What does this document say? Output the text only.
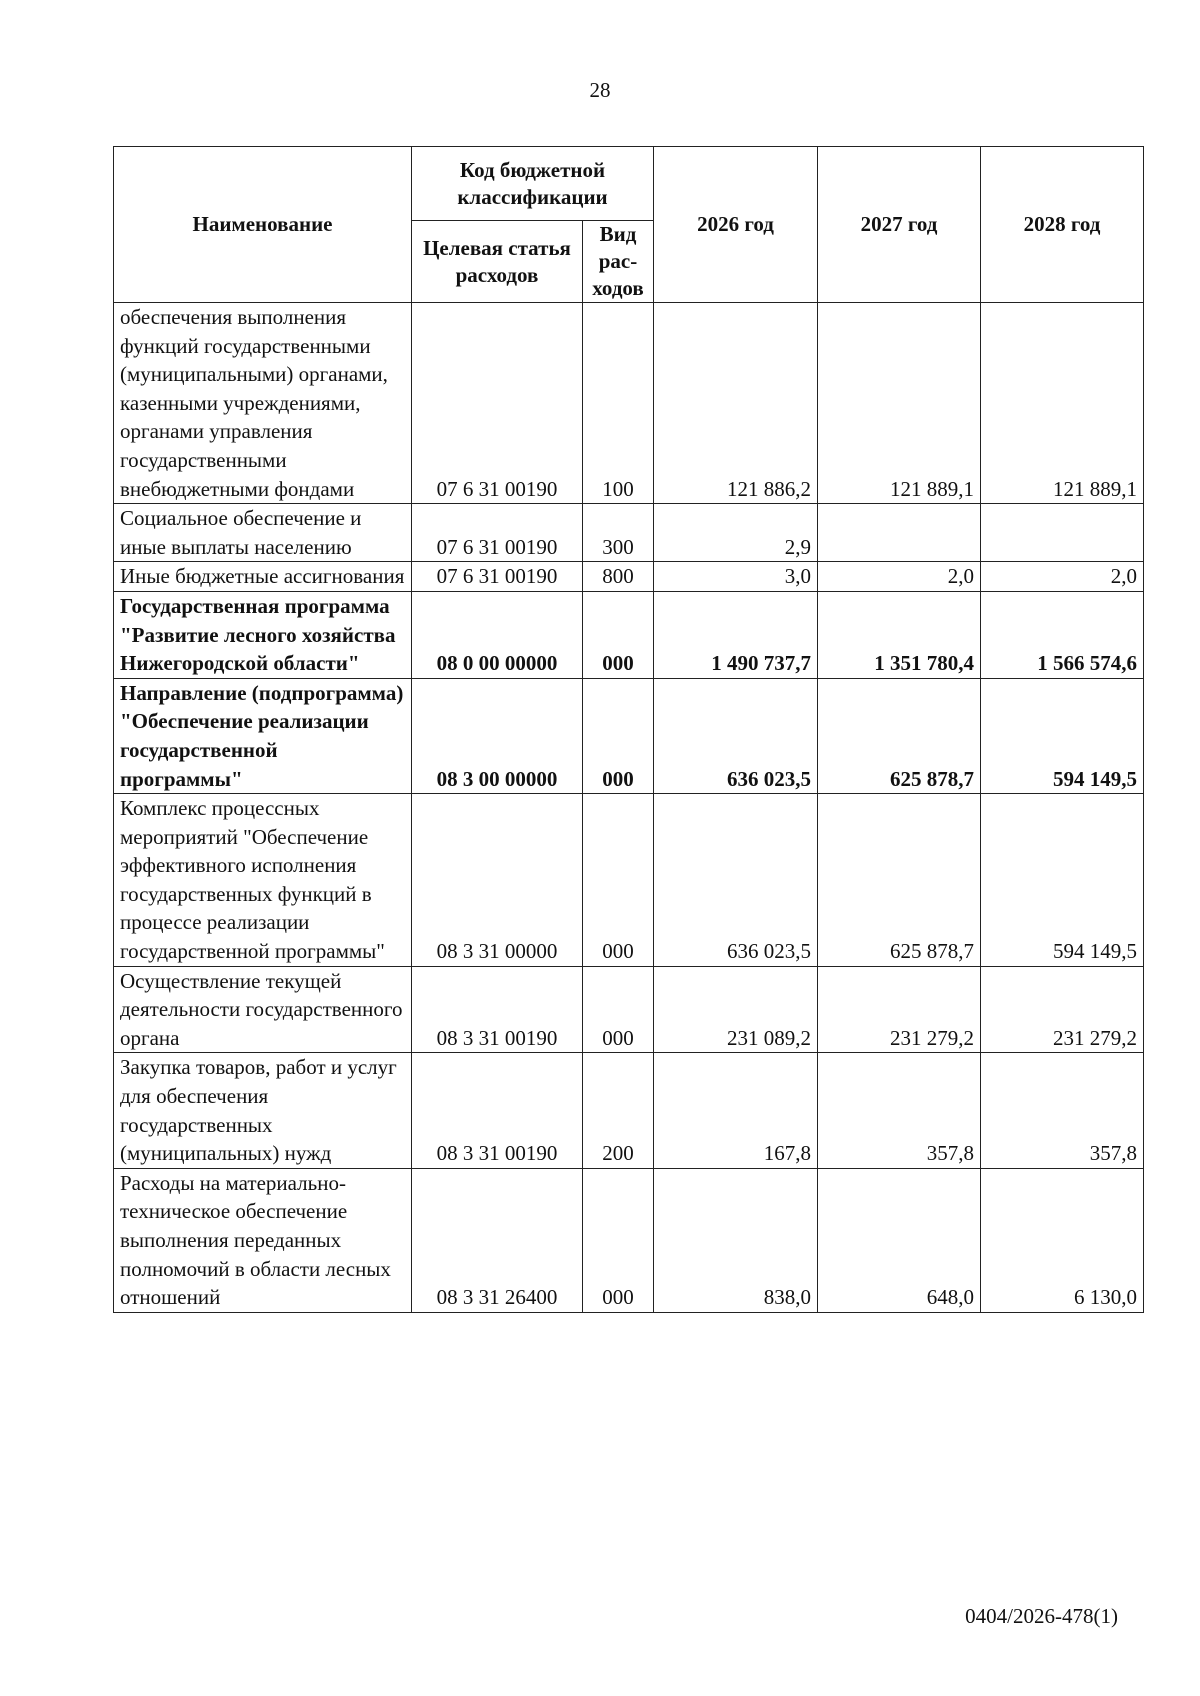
28
Наименование	Код бюджетной классификации		2026 год	2027 год	2028 год
	Целевая статья расходов	Вид рас-ходов			
обеспечения выполнения функций государственными (муниципальными) органами, казенными учреждениями, органами управления государственными внебюджетными фондами	07 6 31 00190	100	121 886,2	121 889,1	121 889,1
Социальное обеспечение и иные выплаты населению	07 6 31 00190	300	2,9		
Иные бюджетные ассигнования	07 6 31 00190	800	3,0	2,0	2,0
Государственная программа "Развитие лесного хозяйства Нижегородской области"	08 0 00 00000	000	1 490 737,7	1 351 780,4	1 566 574,6
Направление (подпрограмма) "Обеспечение реализации государственной программы"	08 3 00 00000	000	636 023,5	625 878,7	594 149,5
Комплекс процессных мероприятий "Обеспечение эффективного исполнения государственных функций в процессе реализации государственной программы"	08 3 31 00000	000	636 023,5	625 878,7	594 149,5
Осуществление текущей деятельности государственного органа	08 3 31 00190	000	231 089,2	231 279,2	231 279,2
Закупка товаров, работ и услуг для обеспечения государственных (муниципальных) нужд	08 3 31 00190	200	167,8	357,8	357,8
Расходы на материально-техническое обеспечение выполнения переданных полномочий в области лесных отношений	08 3 31 26400	000	838,0	648,0	6 130,0
0404/2026-478(1)
